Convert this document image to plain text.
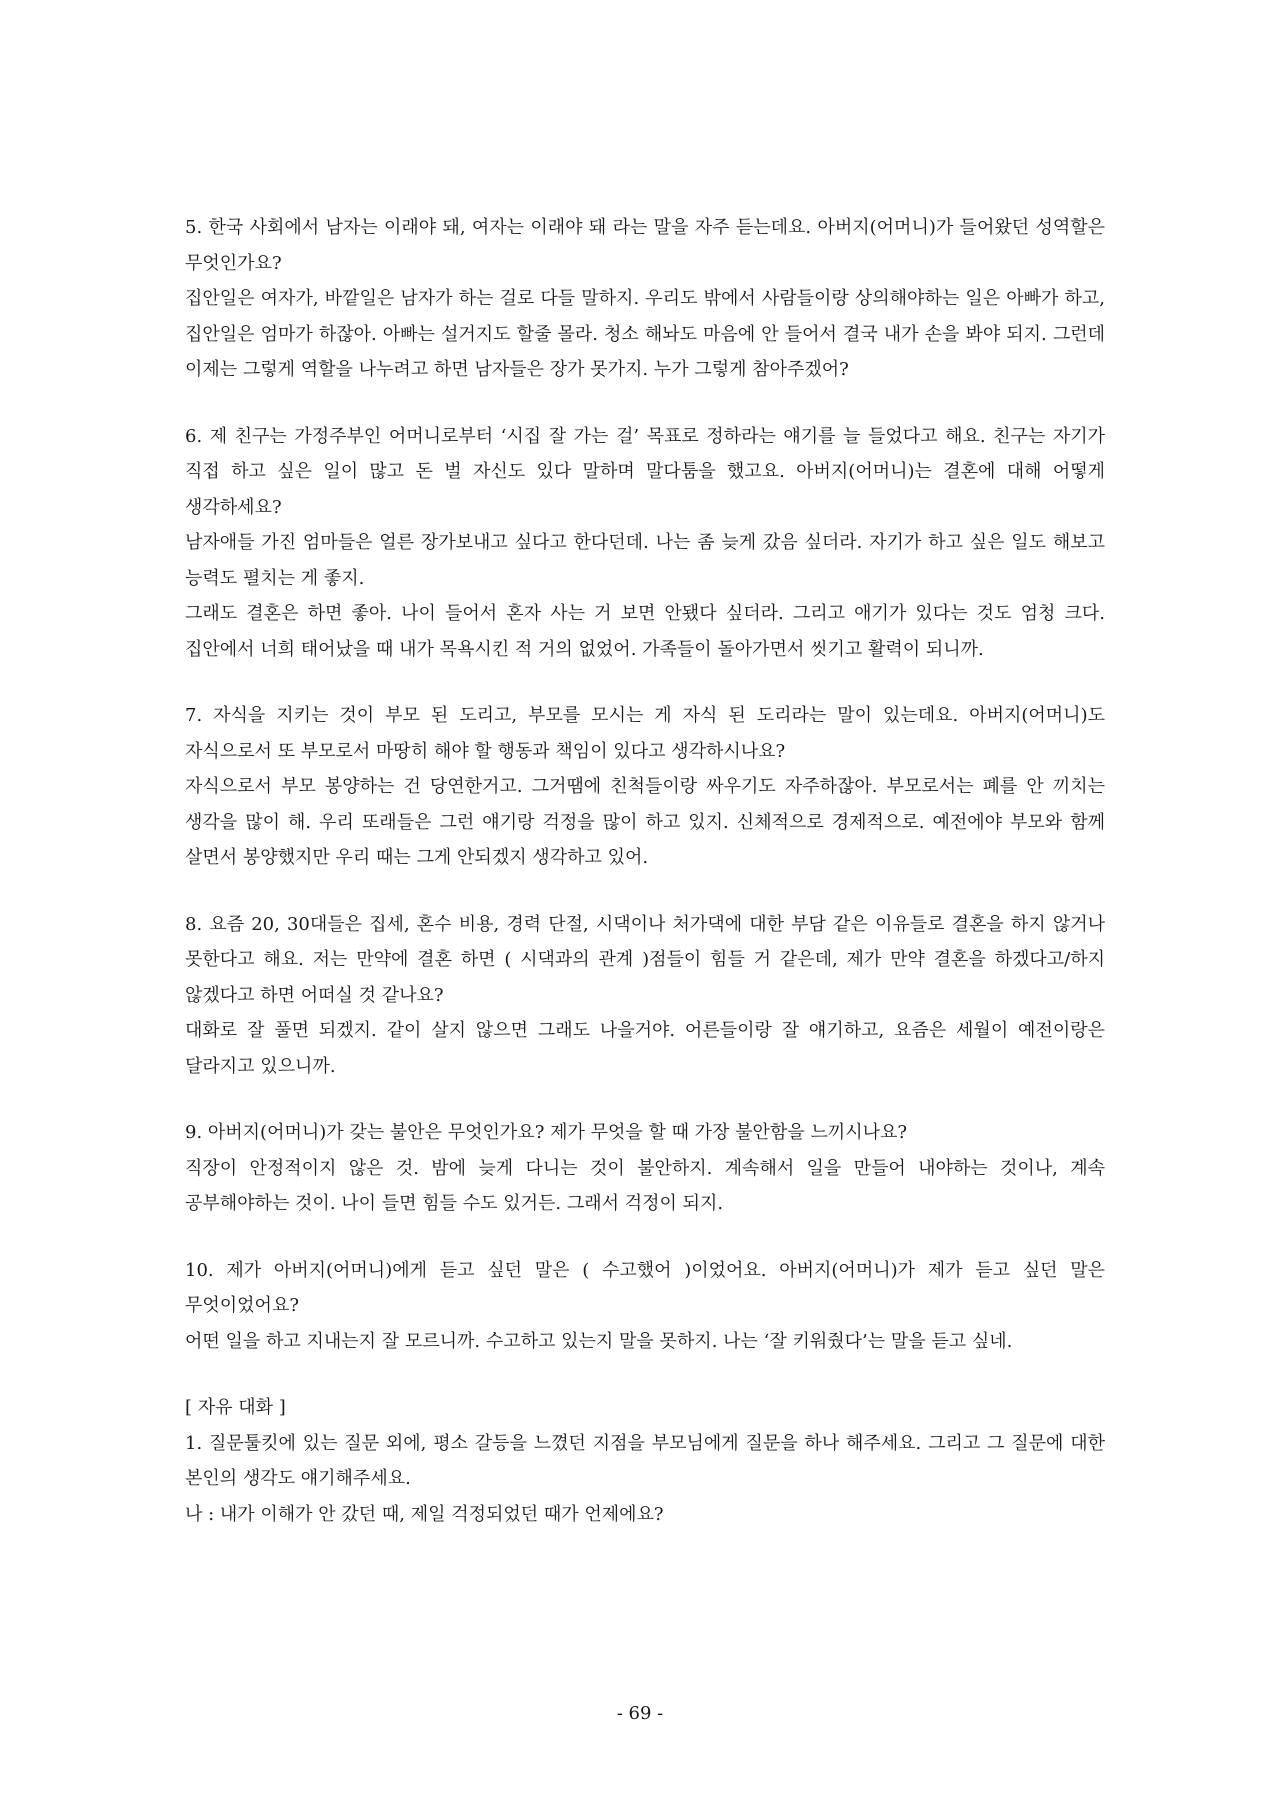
5. 한국 사회에서 남자는 이래야 돼, 여자는 이래야 돼 라는 말을 자주 듣는데요. 아버지(어머니)가 들어왔던 성역할은 무엇인가요?

집안일은 여자가, 바깥일은 남자가 하는 걸로 다들 말하지. 우리도 밖에서 사람들이랑 상의해야하는 일은 아빠가 하고, 집안일은 엄마가 하잖아. 아빠는 설거지도 할줄 몰라. 청소 해놔도 마음에 안 들어서 결국 내가 손을 봐야 되지. 그런데 이제는 그렇게 역할을 나누려고 하면 남자들은 장가 못가지. 누가 그렇게 참아주겠어?

6. 제 친구는 가정주부인 어머니로부터 ‘시집 잘 가는 걸’ 목표로 정하라는 얘기를 늘 들었다고 해요. 친구는 자기가 직접 하고 싶은 일이 많고 돈 벌 자신도 있다 말하며 말다툼을 했고요. 아버지(어머니)는 결혼에 대해 어떻게 생각하세요?

남자애들 가진 엄마들은 얼른 장가보내고 싶다고 한다던데. 나는 좀 늦게 갔음 싶더라. 자기가 하고 싶은 일도 해보고 능력도 펼치는 게 좋지.

그래도 결혼은 하면 좋아. 나이 들어서 혼자 사는 거 보면 안됐다 싶더라. 그리고 애기가 있다는 것도 엄청 크다. 집안에서 너희 태어났을 때 내가 목욕시킨 적 거의 없었어. 가족들이 돌아가면서 씻기고 활력이 되니까.

7. 자식을 지키는 것이 부모 된 도리고, 부모를 모시는 게 자식 된 도리라는 말이 있는데요. 아버지(어머니)도 자식으로서 또 부모로서 마땅히 해야 할 행동과 책임이 있다고 생각하시나요?

자식으로서 부모 봉양하는 건 당연한거고. 그거땜에 친척들이랑 싸우기도 자주하잖아. 부모로서는 폐를 안 끼치는 생각을 많이 해. 우리 또래들은 그런 얘기랑 걱정을 많이 하고 있지. 신체적으로 경제적으로. 예전에야 부모와 함께 살면서 봉양했지만 우리 때는 그게 안되겠지 생각하고 있어.

8. 요즘 20, 30대들은 집세, 혼수 비용, 경력 단절, 시댁이나 처가댁에 대한 부담 같은 이유들로 결혼을 하지 않거나 못한다고 해요. 저는 만약에 결혼 하면 ( 시댁과의 관계 )점들이 힘들 거 같은데, 제가 만약 결혼을 하겠다고/하지 않겠다고 하면 어떠실 것 같나요?

대화로 잘 풀면 되겠지. 같이 살지 않으면 그래도 나을거야. 어른들이랑 잘 얘기하고, 요즘은 세월이 예전이랑은 달라지고 있으니까.

9. 아버지(어머니)가 갖는 불안은 무엇인가요? 제가 무엇을 할 때 가장 불안함을 느끼시나요?

직장이 안정적이지 않은 것. 밤에 늦게 다니는 것이 불안하지. 계속해서 일을 만들어 내야하는 것이나, 계속 공부해야하는 것이. 나이 들면 힘들 수도 있거든. 그래서 걱정이 되지.

10. 제가 아버지(어머니)에게 듣고 싶던 말은 ( 수고했어 )이었어요. 아버지(어머니)가 제가 듣고 싶던 말은 무엇이었어요?

어떤 일을 하고 지내는지 잘 모르니까. 수고하고 있는지 말을 못하지. 나는 ‘잘 키워줬다’는 말을 듣고 싶네.

[ 자유 대화 ]

1. 질문툴킷에 있는 질문 외에, 평소 갈등을 느꼈던 지점을 부모님에게 질문을 하나 해주세요. 그리고 그 질문에 대한 본인의 생각도 얘기해주세요.

나 : 내가 이해가 안 갔던 때, 제일 걱정되었던 때가 언제에요?

- 69 -
